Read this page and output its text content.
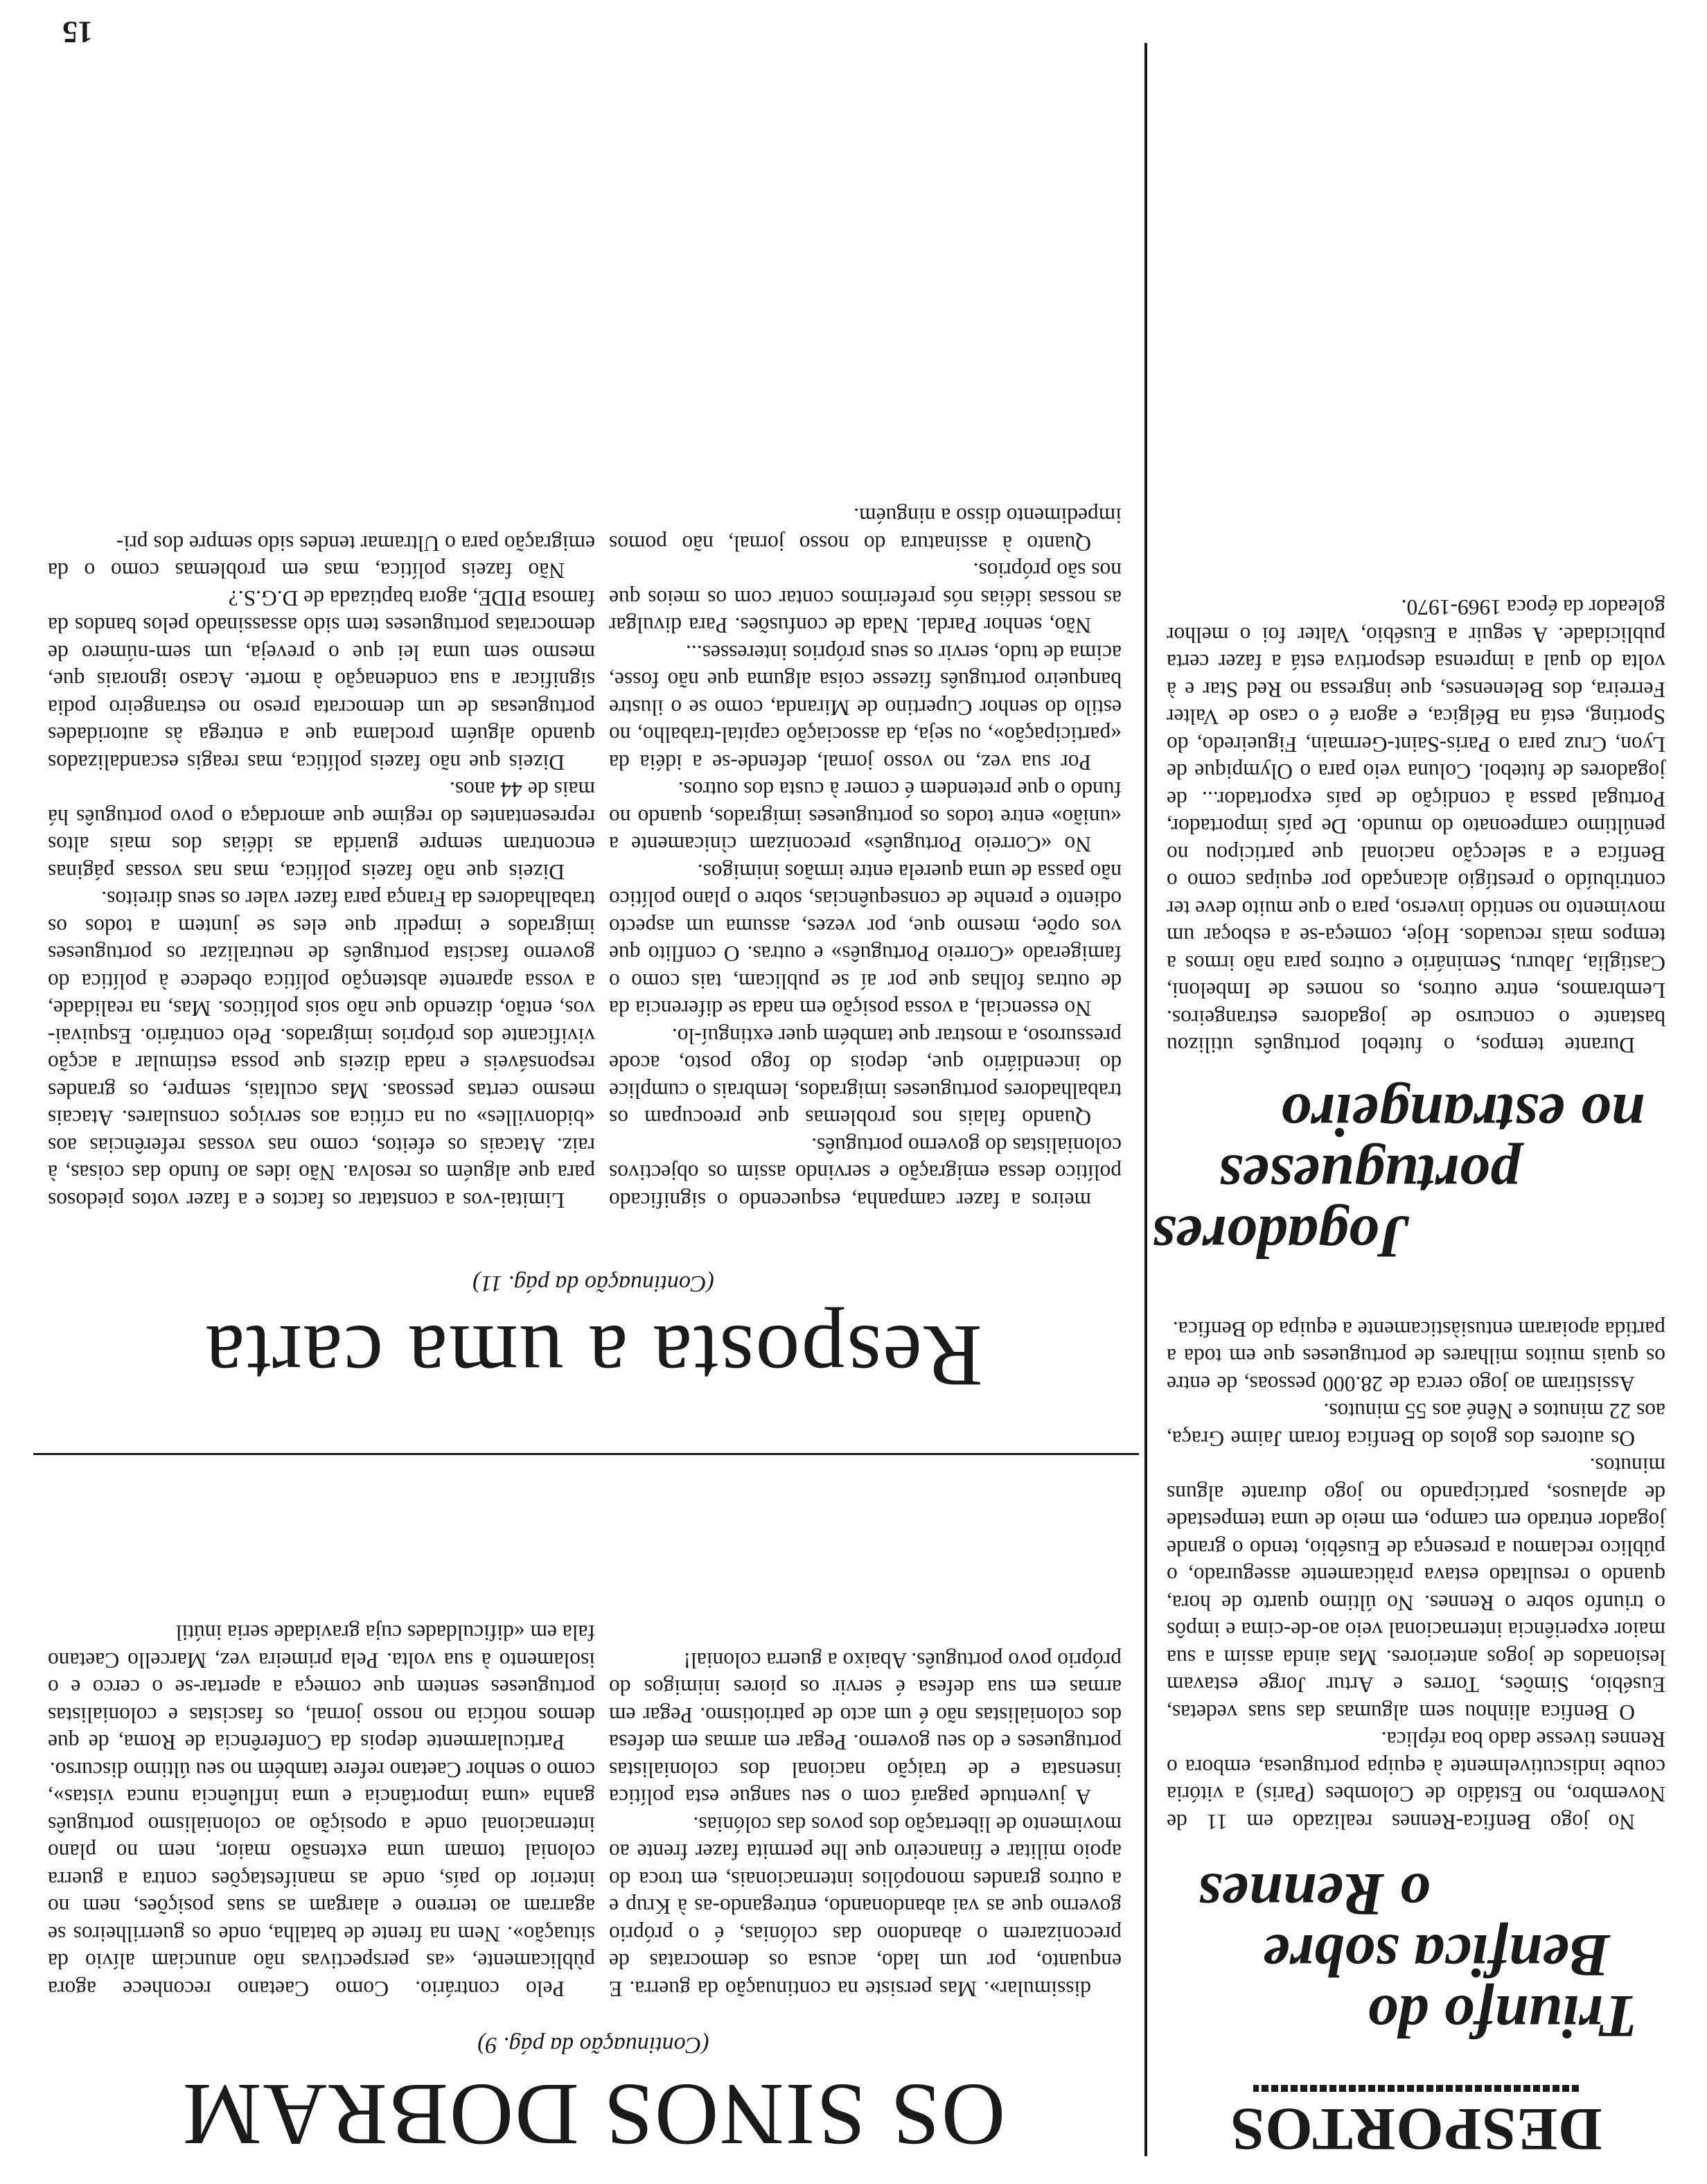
OS SINOS DOBRAM

(Continuação da pág. 9)

Pelo contrário. Como Caetano reconhece agora pùblicamente, «as perspectivas não anunciam alívio da situação». Nem na frente de batalha, onde os guerrilheiros se agarram ao terreno e alargam as suas posições, nem no interior do país, onde as manifestações contra a guerra colonial tomam uma extensão maior, nem no plano internacional onde a oposição ao colonialismo português ganha «uma importância e uma influência nunca vistas», como o senhor Caetano refere também no seu último discurso.

Particularmente depois da Conferência de Roma, de que demos notícia no nosso jornal, os fascistas e colonialistas portugueses sentem que começa a apertar-se o cerco e o isolamento à sua volta. Pela primeira vez, Marcello Caetano fala em «dificuldades cuja gravidade seria inútil

dissimular». Mas persiste na continuação da guerra. E enquanto, por um lado, acusa os democratas de preconizarem o abandono das colónias, é o próprio governo que as vai abandonando, entregando-as à Krup e a outros grandes monopólios internacionais, em troca do apoio militar e financeiro que lhe permita fazer frente ao movimento de libertação dos povos das colónias.

A juventude pagará com o seu sangue esta política insensata e de traição nacional dos colonialistas portugueses e do seu governo. Pegar em armas em defesa dos colonialistas não é um acto de patriotismo. Pegar em armas em sua defesa é servir os piores inimigos do próprio povo português. Abaixo a guerra colonial!

Resposta a uma carta

(Continuação da pág. 11)

Limitai-vos a constatar os factos e a fazer votos piedosos para que alguém os resolva. Não ides ao fundo das coisas, à raiz. Atacais os efeitos, como nas vossas referências aos «bidonvilles» ou na crítica aos serviços consulares. Atacais mesmo certas pessoas. Mas ocultais, sempre, os grandes responsáveis e nada dizeis que possa estimular a acção vivificante dos próprios imigrados. Pelo contrário. Esquivai-vos, então, dizendo que não sois políticos. Mas, na realidade, a vossa aparente abstenção política obedece à política do governo fascista português de neutralizar os portugueses imigrados e impedir que eles se juntem a todos os trabalhadores da França para fazer valer os seus direitos.

Dizeis que não fazeis política, mas nas vossas páginas encontram sempre guarida as idéias dos mais altos representantes do regime que amordaça o povo português há mais de 44 anos.

Dizeis que não fazeis política, mas reagis escandalizados quando alguém proclama que a entrega às autoridades portuguesas de um democrata preso no estrangeiro podia significar a sua condenação à morte. Acaso ignorais que, mesmo sem uma lei que o preveja, um sem-número de democratas portugueses tem sido assassinado pelos bandos da famosa PIDE, agora baptizada de D.G.S.?

Não fazeis política, mas em problemas como o da emigração para o Ultramar tendes sido sempre dos pri-

meiros a fazer campanha, esquecendo o significado político dessa emigração e servindo assim os objectivos colonialistas do governo português.

Quando falais nos problemas que preocupam os trabalhadores portugueses imigrados, lembrais o cumplice do incendiário que, depois do fogo posto, acode pressuroso, a mostrar que também quer extinguí-lo.

No essencial, a vossa posição em nada se diferencia da de outras folhas que por aí se publicam, tais como o famigerado «Correio Português» e outras. O conflito que vos opõe, mesmo que, por vezes, assuma um aspecto odiento e prenhe de consequências, sobre o plano político não passa de uma querela entre irmãos inimigos.

No «Correio Português» preconizam cìnicamente a «união» entre todos os portugueses imigrados, quando no fundo o que pretendem é comer à custa dos outros.

Por sua vez, no vosso jornal, defende-se a idéia da «participação», ou seja, da associação capital-trabalho, no estilo do senhor Cupertino de Miranda, como se o ilustre banqueiro português fizesse coisa alguma que não fosse, acima de tudo, servir os seus próprios interesses...

Não, senhor Pardal. Nada de confusões. Para divulgar as nossas idéias nós preferimos contar com os meios que nos são próprios.

Quanto à assinatura do nosso jornal, não pomos impedimento disso a ninguém.

DESPORTOS
Triunfo do
Benfica sobre
o Rennes

No jogo Benfica-Rennes realizado em 11 de Novembro, no Estádio de Colombes (Paris) a vitória coube indiscutivelmente à equipa portuguesa, embora o Rennes tivesse dado boa réplica.

O Benfica alinhou sem algumas das suas vedetas, Eusébio, Simões, Torres e Artur Jorge estavam lesionados de jogos anteriores. Mas ainda assim a sua maior experiência internacional veio ao-de-cima e impôs o triunfo sobre o Rennes. No último quarto de hora, quando o resultado estava pràticamente assegurado, o público reclamou a presença de Eusébio, tendo o grande jogador entrado em campo, em meio de uma tempestade de aplausos, participando no jogo durante alguns minutos.

Os autores dos golos do Benfica foram Jaime Graça, aos 22 minutos e Nêné aos 55 minutos.

Assistiram ao jogo cerca de 28.000 pessoas, de entre os quais muitos milhares de portugueses que em toda a partida apoiaram entusiàsticamente a equipa do Benfica.

Jogadores
portugueses
no estrangeiro

Durante tempos, o futebol português utilizou bastante o concurso de jogadores estrangeiros. Lembramos, entre outros, os nomes de Imbeloni, Castiglia, Jaburu, Seminário e outros para não irmos a tempos mais recuados. Hoje, começa-se a esboçar um movimento no sentido inverso, para o que muito deve ter contribuído o prestígio alcançado por equipas como o Benfica e a selecção nacional que participou no penúltimo campeonato do mundo. De país importador, Portugal passa à condição de país exportador... de jogadores de futebol. Coluna veio para o Olympique de Lyon, Cruz para o Paris-Saint-Germain, Figueiredo, do Sporting, está na Bélgica, e agora é o caso de Valter Ferreira, dos Belenenses, que ingressa no Red Star e à volta do qual a imprensa desportiva está a fazer certa publicidade. A seguir a Eusébio, Valter foi o melhor goleador da época 1969-1970.

15
